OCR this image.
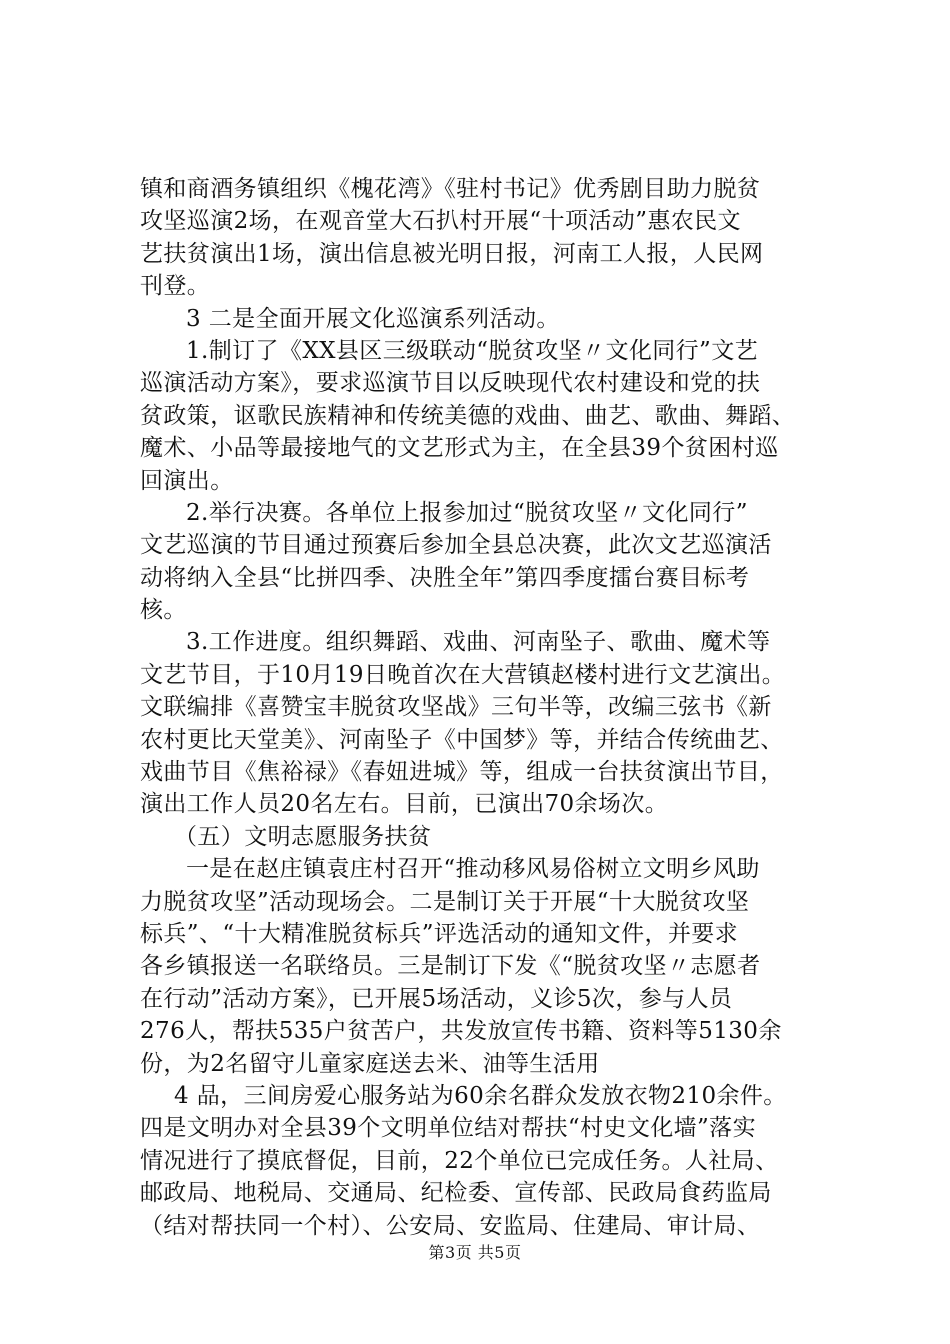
镇和商酒务镇组织《槐花湾》《驻村书记》优秀剧目助力脱贫
攻坚巡演2场，在观音堂大石扒村开展“十项活动”惠农民文
艺扶贫演出1场，演出信息被光明日报，河南工人报，人民网
刊登。
3 二是全面开展文化巡演系列活动。
1.制订了《XX县区三级联动“脱贫攻坚〃文化同行”文艺
巡演活动方案》，要求巡演节目以反映现代农村建设和党的扶
贫政策，讴歌民族精神和传统美德的戏曲、曲艺、歌曲、舞蹈、
魔术、小品等最接地气的文艺形式为主，在全县39个贫困村巡
回演出。
2.举行决赛。各单位上报参加过“脱贫攻坚〃文化同行”
文艺巡演的节目通过预赛后参加全县总决赛，此次文艺巡演活
动将纳入全县“比拼四季、决胜全年”第四季度擂台赛目标考
核。
3.工作进度。组织舞蹈、戏曲、河南坠子、歌曲、魔术等
文艺节目，于10月19日晚首次在大营镇赵楼村进行文艺演出。
文联编排《喜赞宝丰脱贫攻坚战》三句半等，改编三弦书《新
农村更比天堂美》、河南坠子《中国梦》等，并结合传统曲艺、
戏曲节目《焦裕禄》《春妞进城》等，组成一台扶贫演出节目，
演出工作人员20名左右。目前，已演出70余场次。
（五）文明志愿服务扶贫
一是在赵庄镇袁庄村召开“推动移风易俗树立文明乡风助
力脱贫攻坚”活动现场会。二是制订关于开展“十大脱贫攻坚
标兵”、“十大精准脱贫标兵”评选活动的通知文件，并要求
各乡镇报送一名联络员。三是制订下发《“脱贫攻坚〃志愿者
在行动”活动方案》，已开展5场活动，义诊5次，参与人员
276人，帮扶535户贫苦户，共发放宣传书籍、资料等5130余
份，为2名留守儿童家庭送去米、油等生活用
4 品，三间房爱心服务站为60余名群众发放衣物210余件。
四是文明办对全县39个文明单位结对帮扶“村史文化墙”落实
情况进行了摸底督促，目前，22个单位已完成任务。人社局、
邮政局、地税局、交通局、纪检委、宣传部、民政局食药监局
（结对帮扶同一个村）、公安局、安监局、住建局、审计局、
第3页 共5页
